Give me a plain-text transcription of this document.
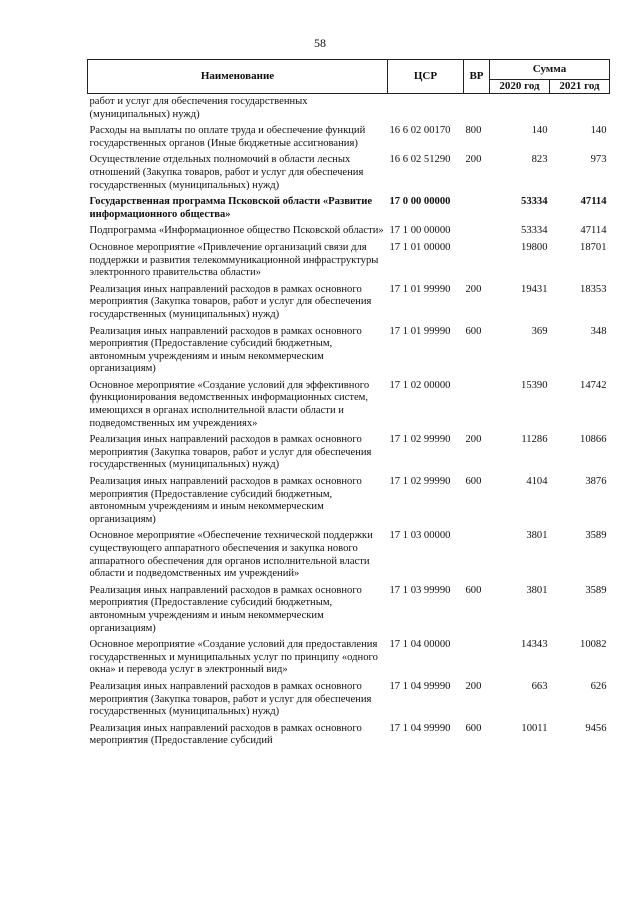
58
Наименование	ЦСР	ВР	Сумма	
			2020 год	2021 год
работ и услуг для обеспечения государственных (муниципальных) нужд)				
Расходы на выплаты по оплате труда и обеспечение функций государственных органов (Иные бюджетные ассигнования)	16 6 02 00170	800	140	140
Осуществление отдельных полномочий в области лесных отношений (Закупка товаров, работ и услуг для обеспечения государственных (муниципальных) нужд)	16 6 02 51290	200	823	973
Государственная программа Псковской области «Развитие информационного общества»	17 0 00 00000		53334	47114
Подпрограмма «Информационное общество Псковской области»	17 1 00 00000		53334	47114
Основное мероприятие «Привлечение организаций связи для поддержки и развития телекоммуникационной инфраструктуры электронного правительства области»	17 1 01 00000		19800	18701
Реализация иных направлений расходов в рамках основного мероприятия (Закупка товаров, работ и услуг для обеспечения государственных (муниципальных) нужд)	17 1 01 99990	200	19431	18353
Реализация иных направлений расходов в рамках основного мероприятия (Предоставление субсидий бюджетным, автономным учреждениям и иным некоммерческим организациям)	17 1 01 99990	600	369	348
Основное мероприятие «Создание условий для эффективного функционирования ведомственных информационных систем, имеющихся в органах исполнительной власти области и подведомственных им учреждениях»	17 1 02 00000		15390	14742
Реализация иных направлений расходов в рамках основного мероприятия (Закупка товаров, работ и услуг для обеспечения государственных (муниципальных) нужд)	17 1 02 99990	200	11286	10866
Реализация иных направлений расходов в рамках основного мероприятия (Предоставление субсидий бюджетным, автономным учреждениям и иным некоммерческим организациям)	17 1 02 99990	600	4104	3876
Основное мероприятие «Обеспечение технической поддержки существующего аппаратного обеспечения и закупка нового аппаратного обеспечения для органов исполнительной власти области и подведомственных им учреждений»	17 1 03 00000		3801	3589
Реализация иных направлений расходов в рамках основного мероприятия (Предоставление субсидий бюджетным, автономным учреждениям и иным некоммерческим организациям)	17 1 03 99990	600	3801	3589
Основное мероприятие «Создание условий для предоставления государственных и муниципальных услуг по принципу «одного окна» и перевода услуг в электронный вид»	17 1 04 00000		14343	10082
Реализация иных направлений расходов в рамках основного мероприятия (Закупка товаров, работ и услуг для обеспечения государственных (муниципальных) нужд)	17 1 04 99990	200	663	626
Реализация иных направлений расходов в рамках основного мероприятия (Предоставление субсидий	17 1 04 99990	600	10011	9456
